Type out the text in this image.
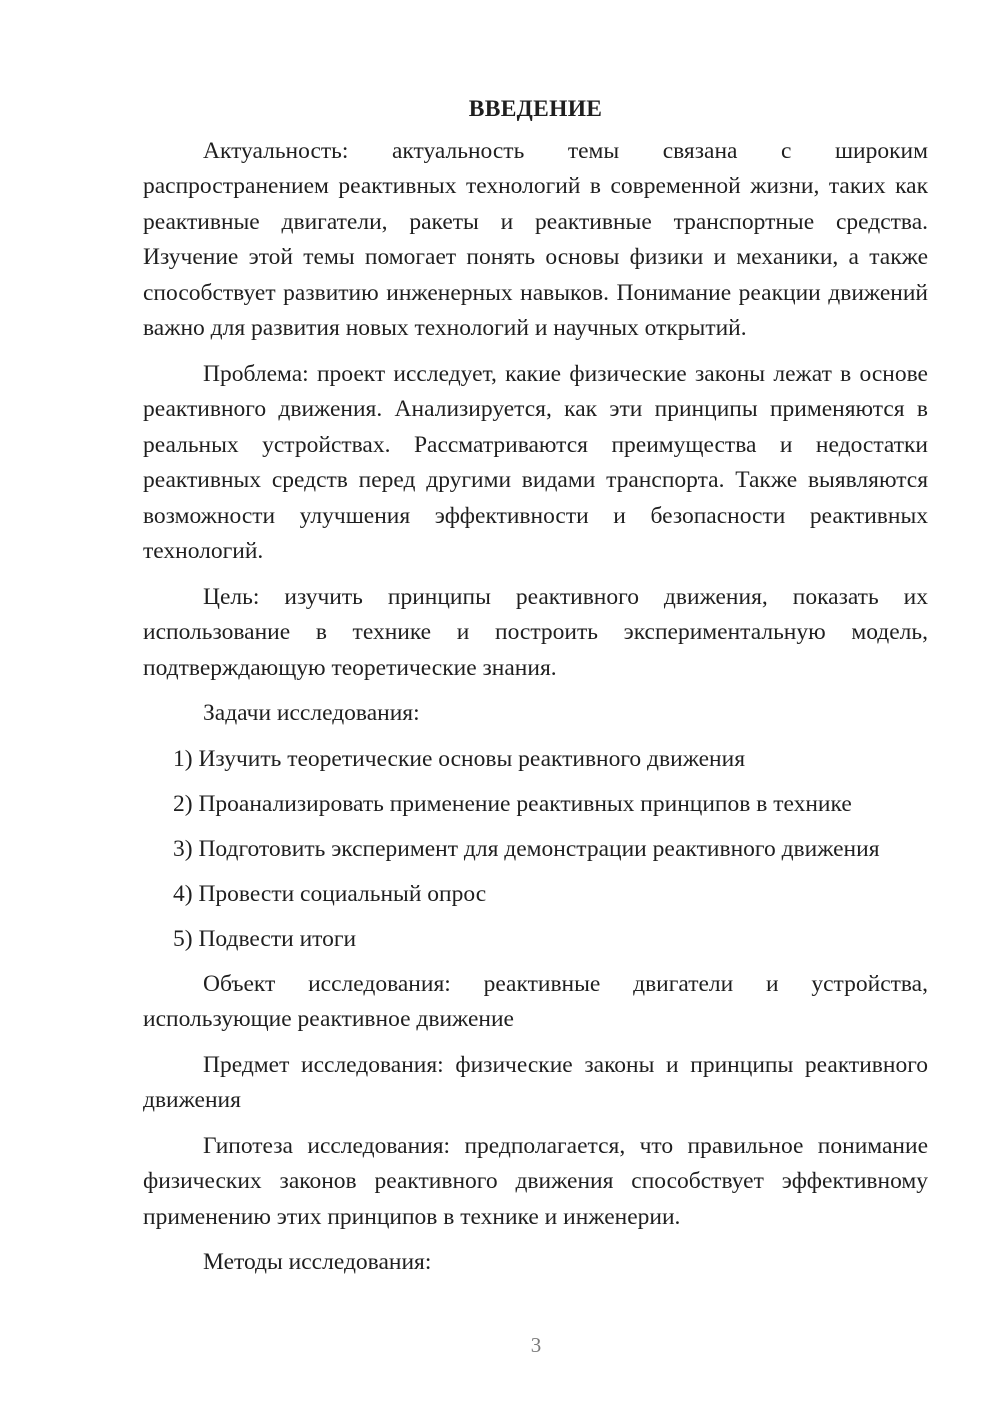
ВВЕДЕНИЕ

Актуальность: актуальность темы связана с широким распространением реактивных технологий в современной жизни, таких как реактивные двигатели, ракеты и реактивные транспортные средства. Изучение этой темы помогает понять основы физики и механики, а также способствует развитию инженерных навыков. Понимание реакции движений важно для развития новых технологий и научных открытий.

Проблема: проект исследует, какие физические законы лежат в основе реактивного движения. Анализируется, как эти принципы применяются в реальных устройствах. Рассматриваются преимущества и недостатки реактивных средств перед другими видами транспорта. Также выявляются возможности улучшения эффективности и безопасности реактивных технологий.

Цель: изучить принципы реактивного движения, показать их использование в технике и построить экспериментальную модель, подтверждающую теоретические знания.

Задачи исследования:

1) Изучить теоретические основы реактивного движения
2) Проанализировать применение реактивных принципов в технике
3) Подготовить эксперимент для демонстрации реактивного движения
4) Провести социальный опрос
5) Подвести итоги

Объект исследования: реактивные двигатели и устройства, использующие реактивное движение

Предмет исследования: физические законы и принципы реактивного движения

Гипотеза исследования: предполагается, что правильное понимание физических законов реактивного движения способствует эффективному применению этих принципов в технике и инженерии.

Методы исследования:

3
